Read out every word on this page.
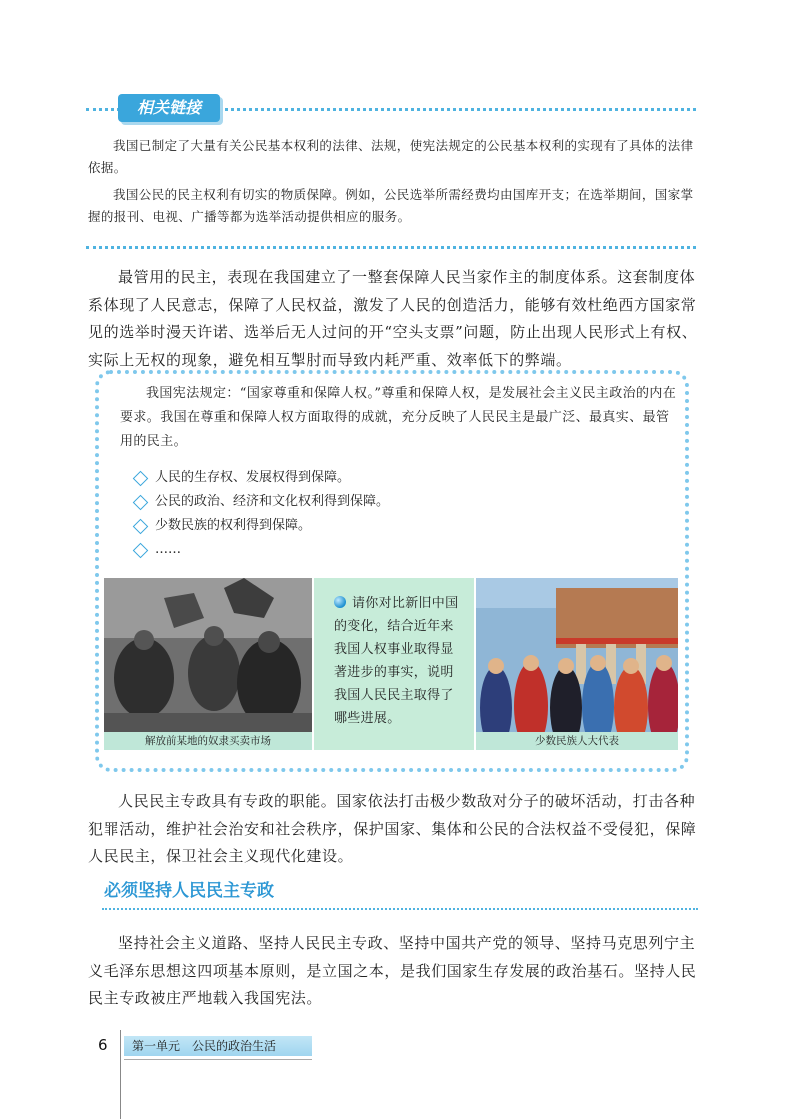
相关链接
我国已制定了大量有关公民基本权利的法律、法规，使宪法规定的公民基本权利的实现有了具体的法律依据。
我国公民的民主权利有切实的物质保障。例如，公民选举所需经费均由国库开支；在选举期间，国家掌握的报刊、电视、广播等都为选举活动提供相应的服务。
最管用的民主，表现在我国建立了一整套保障人民当家作主的制度体系。这套制度体系体现了人民意志，保障了人民权益，激发了人民的创造活力，能够有效杜绝西方国家常见的选举时漫天许诺、选举后无人过问的开“空头支票”问题，防止出现人民形式上有权、实际上无权的现象，避免相互掣肘而导致内耗严重、效率低下的弊端。
我国宪法规定：“国家尊重和保障人权。”尊重和保障人权，是发展社会主义民主政治的内在要求。我国在尊重和保障人权方面取得的成就，充分反映了人民民主是最广泛、最真实、最管用的民主。
人民的生存权、发展权得到保障。
公民的政治、经济和文化权利得到保障。
少数民族的权利得到保障。
……
解放前某地的奴隶买卖市场
请你对比新旧中国的变化，结合近年来我国人权事业取得显著进步的事实，说明我国人民民主取得了哪些进展。
少数民族人大代表
人民民主专政具有专政的职能。国家依法打击极少数敌对分子的破坏活动，打击各种犯罪活动，维护社会治安和社会秩序，保护国家、集体和公民的合法权益不受侵犯，保障人民民主，保卫社会主义现代化建设。
必须坚持人民民主专政
坚持社会主义道路、坚持人民民主专政、坚持中国共产党的领导、坚持马克思列宁主义毛泽东思想这四项基本原则，是立国之本，是我们国家生存发展的政治基石。坚持人民民主专政被庄严地载入我国宪法。
6	第一单元　公民的政治生活
